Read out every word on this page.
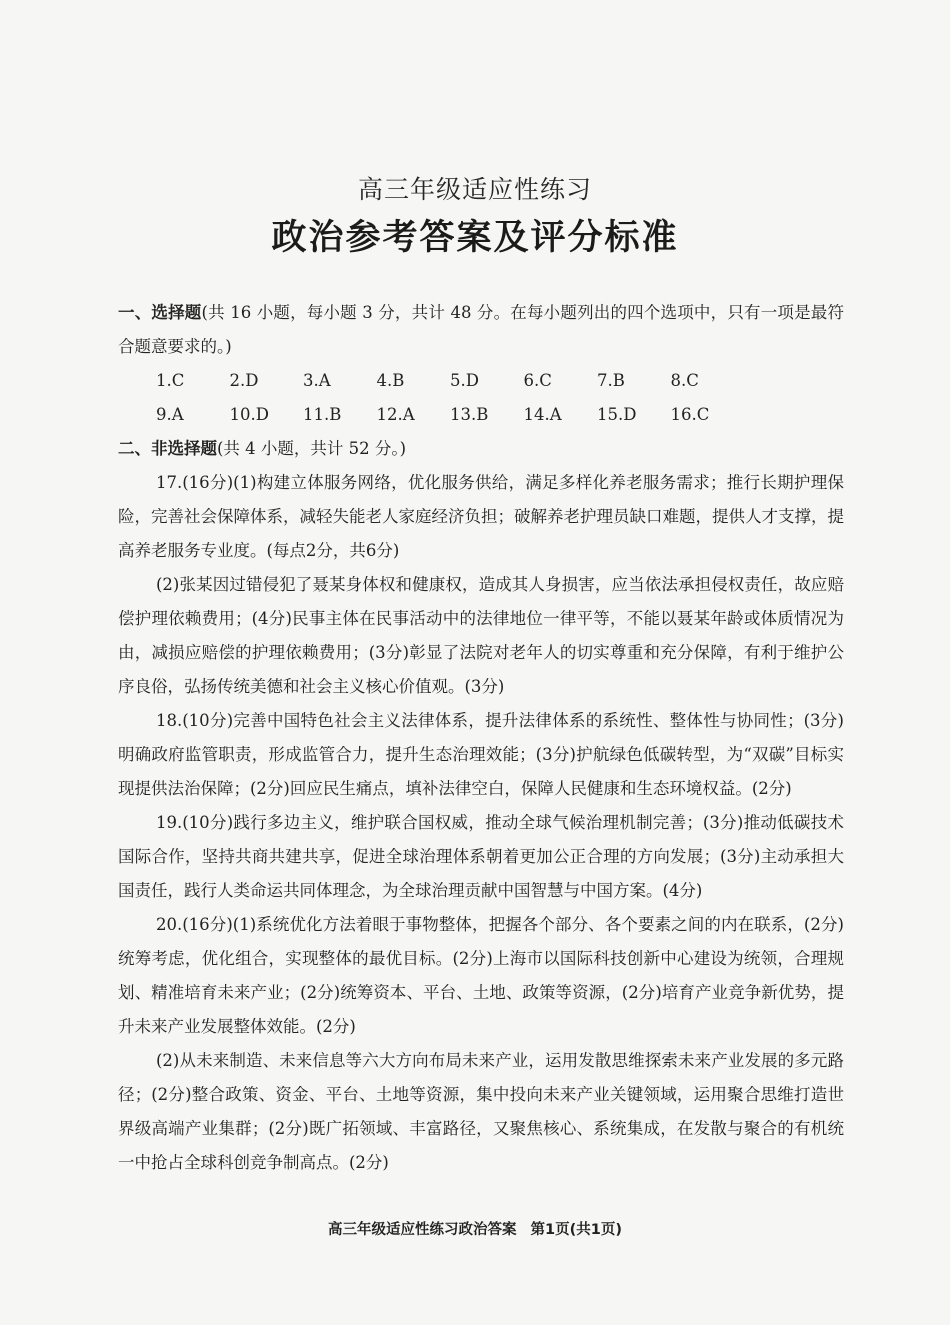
高三年级适应性练习
政治参考答案及评分标准
一、选择题(共 16 小题，每小题 3 分，共计 48 分。在每小题列出的四个选项中，只有一项是最符合题意要求的。)
1.C	2.D	3.A	4.B	5.D	6.C	7.B	8.C
9.A	10.D	11.B	12.A	13.B	14.A	15.D	16.C
二、非选择题(共 4 小题，共计 52 分。)
17.(16分)(1)构建立体服务网络，优化服务供给，满足多样化养老服务需求；推行长期护理保险，完善社会保障体系，减轻失能老人家庭经济负担；破解养老护理员缺口难题，提供人才支撑，提高养老服务专业度。(每点2分，共6分)
(2)张某因过错侵犯了聂某身体权和健康权，造成其人身损害，应当依法承担侵权责任，故应赔偿护理依赖费用；(4分)民事主体在民事活动中的法律地位一律平等，不能以聂某年龄或体质情况为由，减损应赔偿的护理依赖费用；(3分)彰显了法院对老年人的切实尊重和充分保障，有利于维护公序良俗，弘扬传统美德和社会主义核心价值观。(3分)
18.(10分)完善中国特色社会主义法律体系，提升法律体系的系统性、整体性与协同性；(3分)明确政府监管职责，形成监管合力，提升生态治理效能；(3分)护航绿色低碳转型，为“双碳”目标实现提供法治保障；(2分)回应民生痛点，填补法律空白，保障人民健康和生态环境权益。(2分)
19.(10分)践行多边主义，维护联合国权威，推动全球气候治理机制完善；(3分)推动低碳技术国际合作，坚持共商共建共享，促进全球治理体系朝着更加公正合理的方向发展；(3分)主动承担大国责任，践行人类命运共同体理念，为全球治理贡献中国智慧与中国方案。(4分)
20.(16分)(1)系统优化方法着眼于事物整体，把握各个部分、各个要素之间的内在联系，(2分)统筹考虑，优化组合，实现整体的最优目标。(2分)上海市以国际科技创新中心建设为统领，合理规划、精准培育未来产业；(2分)统筹资本、平台、土地、政策等资源，(2分)培育产业竞争新优势，提升未来产业发展整体效能。(2分)
(2)从未来制造、未来信息等六大方向布局未来产业，运用发散思维探索未来产业发展的多元路径；(2分)整合政策、资金、平台、土地等资源，集中投向未来产业关键领域，运用聚合思维打造世界级高端产业集群；(2分)既广拓领域、丰富路径，又聚焦核心、系统集成，在发散与聚合的有机统一中抢占全球科创竞争制高点。(2分)
高三年级适应性练习政治答案 第1页(共1页)
